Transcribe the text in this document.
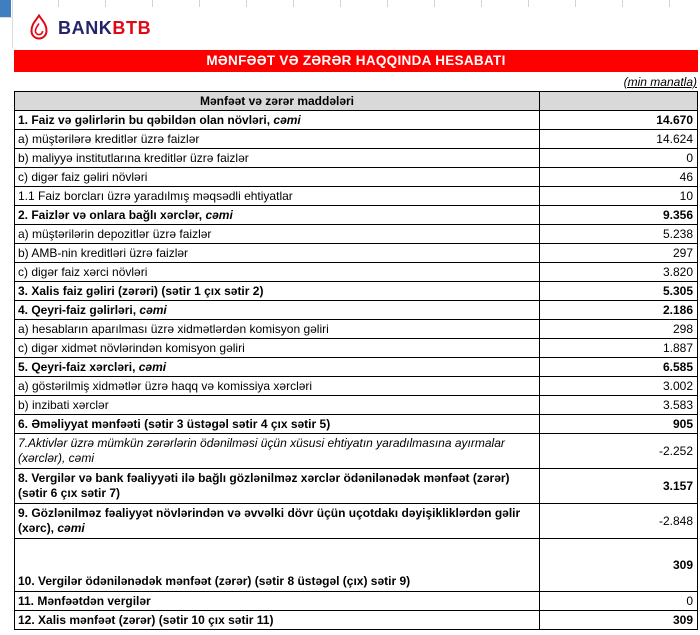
BANKBTB
MƏNFƏƏT VƏ ZƏRƏR HAQQINDA HESABATI
(min manatla)
Mənfəət və zərər maddələri	
1. Faiz və gəlirlərin bu qəbildən olan növləri, cəmi	14.670
a) müştərilərə kreditlər üzrə faizlər	14.624
b) maliyyə institutlarına kreditlər üzrə faizlər	0
c) digər faiz gəliri növləri	46
1.1 Faiz borcları üzrə yaradılmış məqsədli ehtiyatlar	10
2. Faizlər və onlara bağlı xərclər, cəmi	9.356
a) müştərilərin depozitlər üzrə faizlər	5.238
b) AMB-nin kreditləri üzrə faizlər	297
c) digər faiz xərci növləri	3.820
3. Xalis faiz gəliri (zərəri) (sətir 1 çıx sətir 2)	5.305
4. Qeyri-faiz gəlirləri, cəmi	2.186
a) hesabların aparılması üzrə xidmətlərdən komisyon gəliri	298
c) digər xidmət növlərindən komisyon gəliri	1.887
5. Qeyri-faiz xərcləri, cəmi	6.585
a) göstərilmiş xidmətlər üzrə haqq və komissiya xərcləri	3.002
b) inzibati xərclər	3.583
6. Əməliyyat mənfəəti (sətir 3 üstəgəl sətir 4 çıx sətir 5)	905
7.Aktivlər üzrə mümkün zərərlərin ödənilməsi üçün xüsusi ehtiyatın yaradılmasına ayırmalar (xərclər), cəmi	-2.252
8. Vergilər və bank fəaliyyəti ilə bağlı gözlənilməz xərclər ödənilənədək mənfəət (zərər) (sətir 6 çıx sətir 7)	3.157
9. Gözlənilməz fəaliyyət növlərindən və əvvəlki dövr üçün uçotdakı dəyişikliklərdən gəlir (xərc), cəmi	-2.848
10. Vergilər ödənilənədək mənfəət (zərər) (sətir 8 üstəgəl (çıx) sətir 9)	309
11. Mənfəətdən vergilər	0
12. Xalis mənfəət (zərər) (sətir 10 çıx sətir 11)	309
